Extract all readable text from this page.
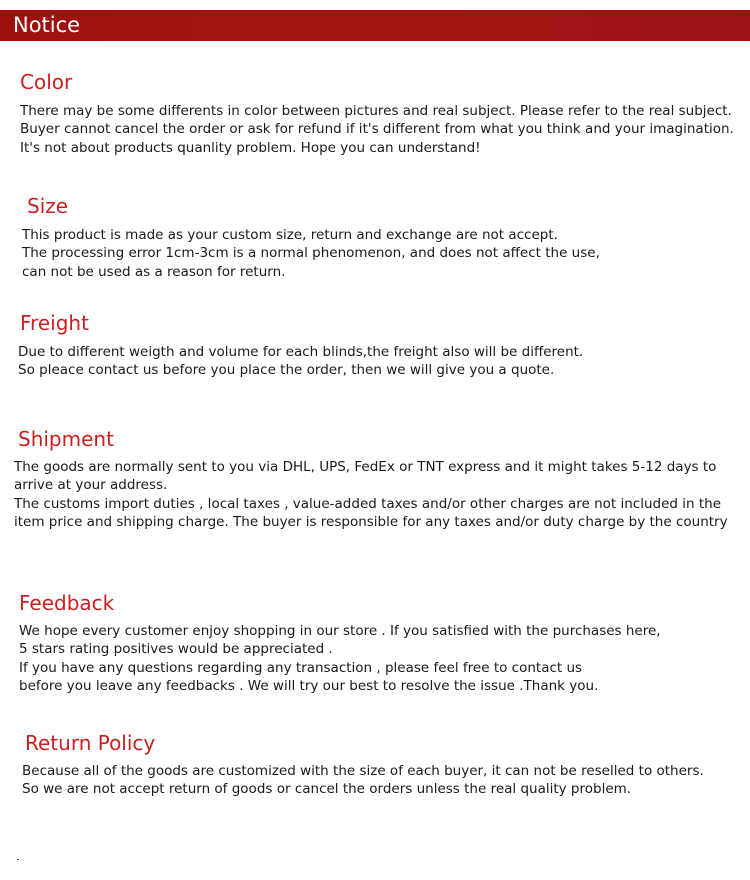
Notice
Color

There may be some differents in color between pictures and real subject. Please refer to the real subject.
Buyer cannot cancel the order or ask for refund if it's different from what you think and your imagination.
It's not about products quanlity problem. Hope you can understand!

Size

This product is made as your custom size, return and exchange are not accept.
The processing error 1cm-3cm is a normal phenomenon, and does not affect the use,
can not be used as a reason for return.

Freight

Due to different weigth and volume for each blinds,the freight also will be different.
So pleace contact us before you place the order, then we will give you a quote.

Shipment

The goods are normally sent to you via DHL, UPS, FedEx or TNT express and it might takes 5-12 days to
arrive at your address.
The customs import duties , local taxes , value-added taxes and/or other charges are not included in the
item price and shipping charge. The buyer is responsible for any taxes and/or duty charge by the country

Feedback

We hope every customer enjoy shopping in our store . If you satisfied with the purchases here,
5 stars rating positives would be appreciated .
If you have any questions regarding any transaction , please feel free to contact us
before you leave any feedbacks . We will try our best to resolve the issue .Thank you.

Return Policy

Because all of the goods are customized with the size of each buyer, it can not be reselled to others.
So we are not accept return of goods or cancel the orders unless the real quality problem.
